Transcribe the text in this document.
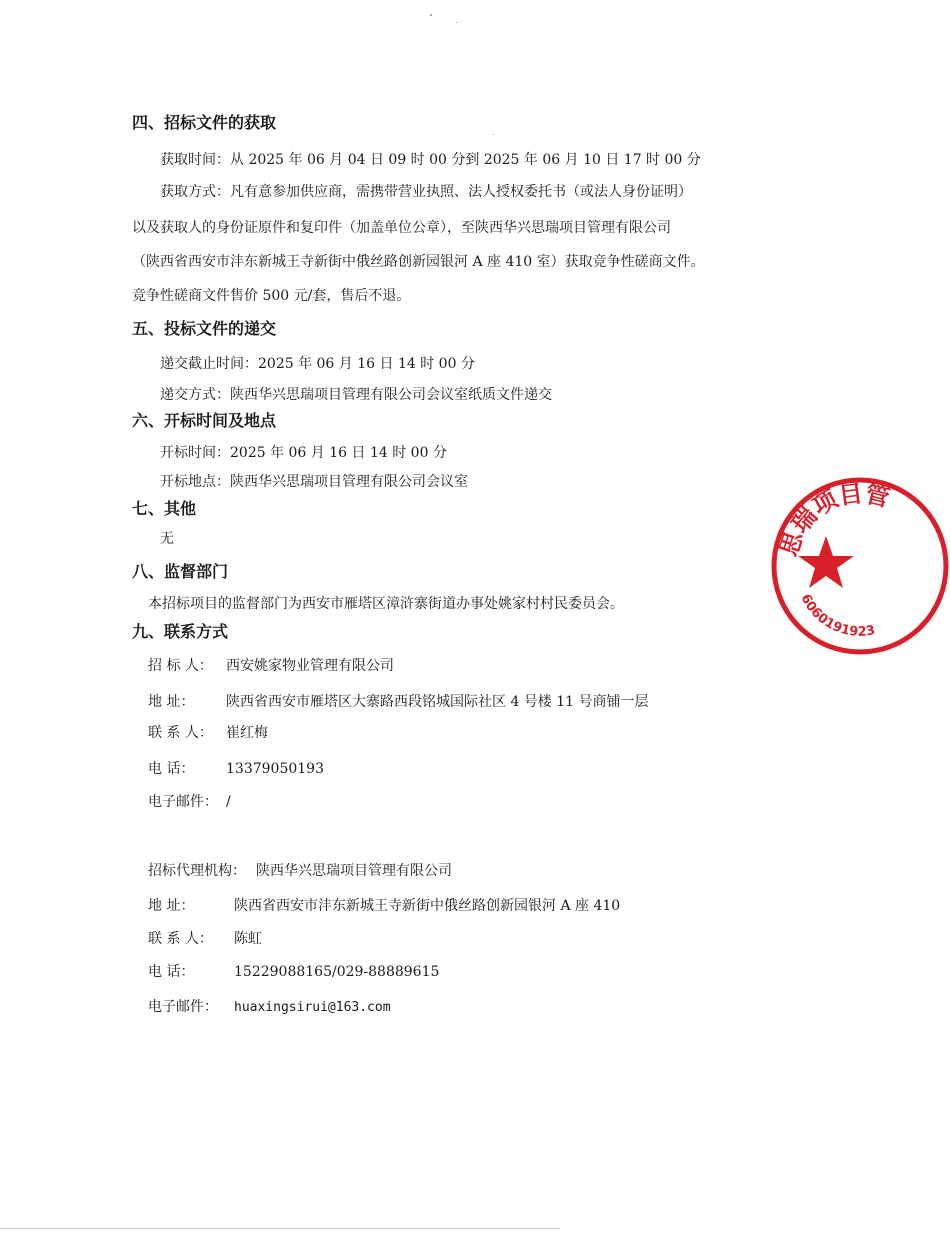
四、招标文件的获取
获取时间：从 2025 年 06 月 04 日 09 时 00 分到 2025 年 06 月 10 日 17 时 00 分
获取方式：凡有意参加供应商，需携带营业执照、法人授权委托书（或法人身份证明）
以及获取人的身份证原件和复印件（加盖单位公章），至陕西华兴思瑞项目管理有限公司
（陕西省西安市沣东新城王寺新街中俄丝路创新园银河 A 座 410 室）获取竞争性磋商文件。
竞争性磋商文件售价 500 元/套，售后不退。
五、投标文件的递交
递交截止时间：2025 年 06 月 16 日 14 时 00 分
递交方式：陕西华兴思瑞项目管理有限公司会议室纸质文件递交
六、开标时间及地点
开标时间：2025 年 06 月 16 日 14 时 00 分
开标地点：陕西华兴思瑞项目管理有限公司会议室
七、其他
无
八、监督部门
本招标项目的监督部门为西安市雁塔区漳浒寨街道办事处姚家村村民委员会。
九、联系方式
招 标 人： 西安姚家物业管理有限公司
地 址： 陕西省西安市雁塔区大寨路西段铭城国际社区 4 号楼 11 号商铺一层
联 系 人： 崔红梅
电 话： 13379050193
电子邮件： /
招标代理机构： 陕西华兴思瑞项目管理有限公司
地 址：	陕西省西安市沣东新城王寺新街中俄丝路创新园银河 A 座 410
联 系 人： 陈虹
电 话：	15229088165/029-88889615
电子邮件： huaxingsirui@163.com
思瑞项目管
6060191923
